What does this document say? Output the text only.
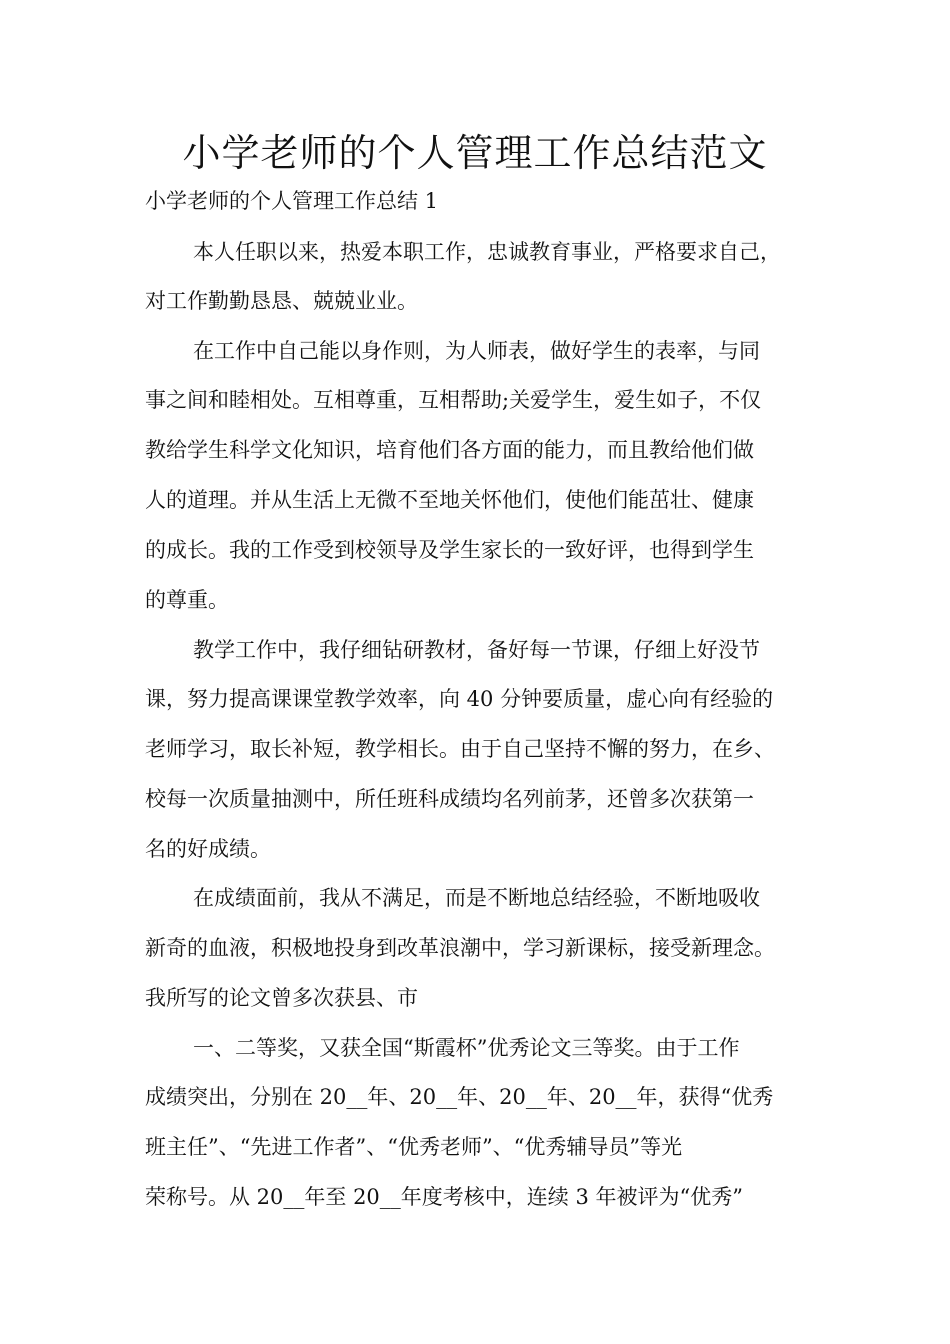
小学老师的个人管理工作总结范文

小学老师的个人管理工作总结 1

本人任职以来，热爱本职工作，忠诚教育事业，严格要求自己，

对工作勤勤恳恳、兢兢业业。

在工作中自己能以身作则，为人师表，做好学生的表率，与同

事之间和睦相处。互相尊重，互相帮助;关爱学生，爱生如子，不仅

教给学生科学文化知识，培育他们各方面的能力，而且教给他们做

人的道理。并从生活上无微不至地关怀他们，使他们能茁壮、健康

的成长。我的工作受到校领导及学生家长的一致好评，也得到学生

的尊重。

教学工作中，我仔细钻研教材，备好每一节课，仔细上好没节

课，努力提高课课堂教学效率，向 40 分钟要质量，虚心向有经验的

老师学习，取长补短，教学相长。由于自己坚持不懈的努力，在乡、

校每一次质量抽测中，所任班科成绩均名列前茅，还曾多次获第一

名的好成绩。

在成绩面前，我从不满足，而是不断地总结经验，不断地吸收

新奇的血液，积极地投身到改革浪潮中，学习新课标，接受新理念。

我所写的论文曾多次获县、市

一、二等奖，又获全国“斯霞杯”优秀论文三等奖。由于工作

成绩突出，分别在 20__年、20__年、20__年、20__年，获得“优秀

班主任”、“先进工作者”、“优秀老师”、“优秀辅导员”等光

荣称号。从 20__年至 20__年度考核中，连续 3 年被评为“优秀”
